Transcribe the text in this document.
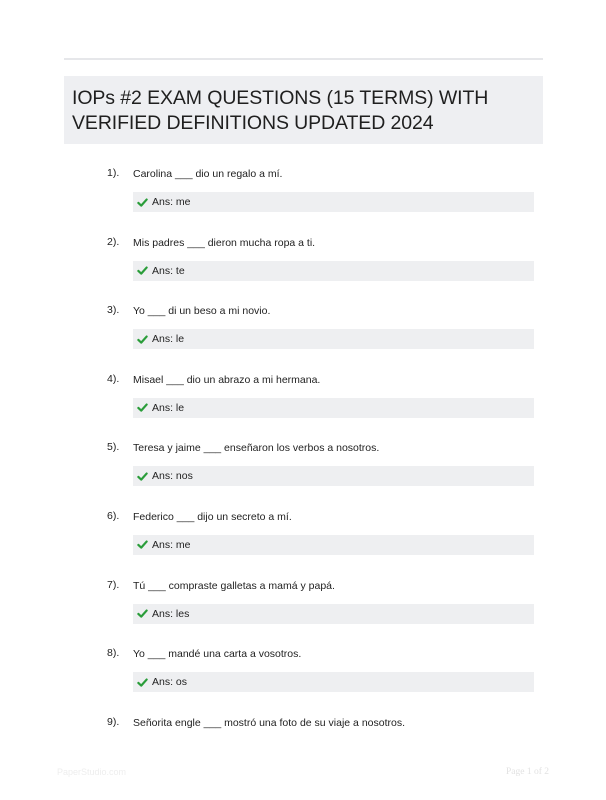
IOPs #2 EXAM QUESTIONS (15 TERMS) WITH VERIFIED DEFINITIONS UPDATED 2024
1). Carolina ___ dio un regalo a mí.
Ans: me
2). Mis padres ___ dieron mucha ropa a ti.
Ans: te
3). Yo ___ di un beso a mi novio.
Ans: le
4). Misael ___ dio un abrazo a mi hermana.
Ans: le
5). Teresa y jaime ___ enseñaron los verbos a nosotros.
Ans: nos
6). Federico ___ dijo un secreto a mí.
Ans: me
7). Tú ___ compraste galletas a mamá y papá.
Ans: les
8). Yo ___ mandé una carta a vosotros.
Ans: os
9). Señorita engle ___ mostró una foto de su viaje a nosotros.
PaperStudio.com	Page 1 of 2
